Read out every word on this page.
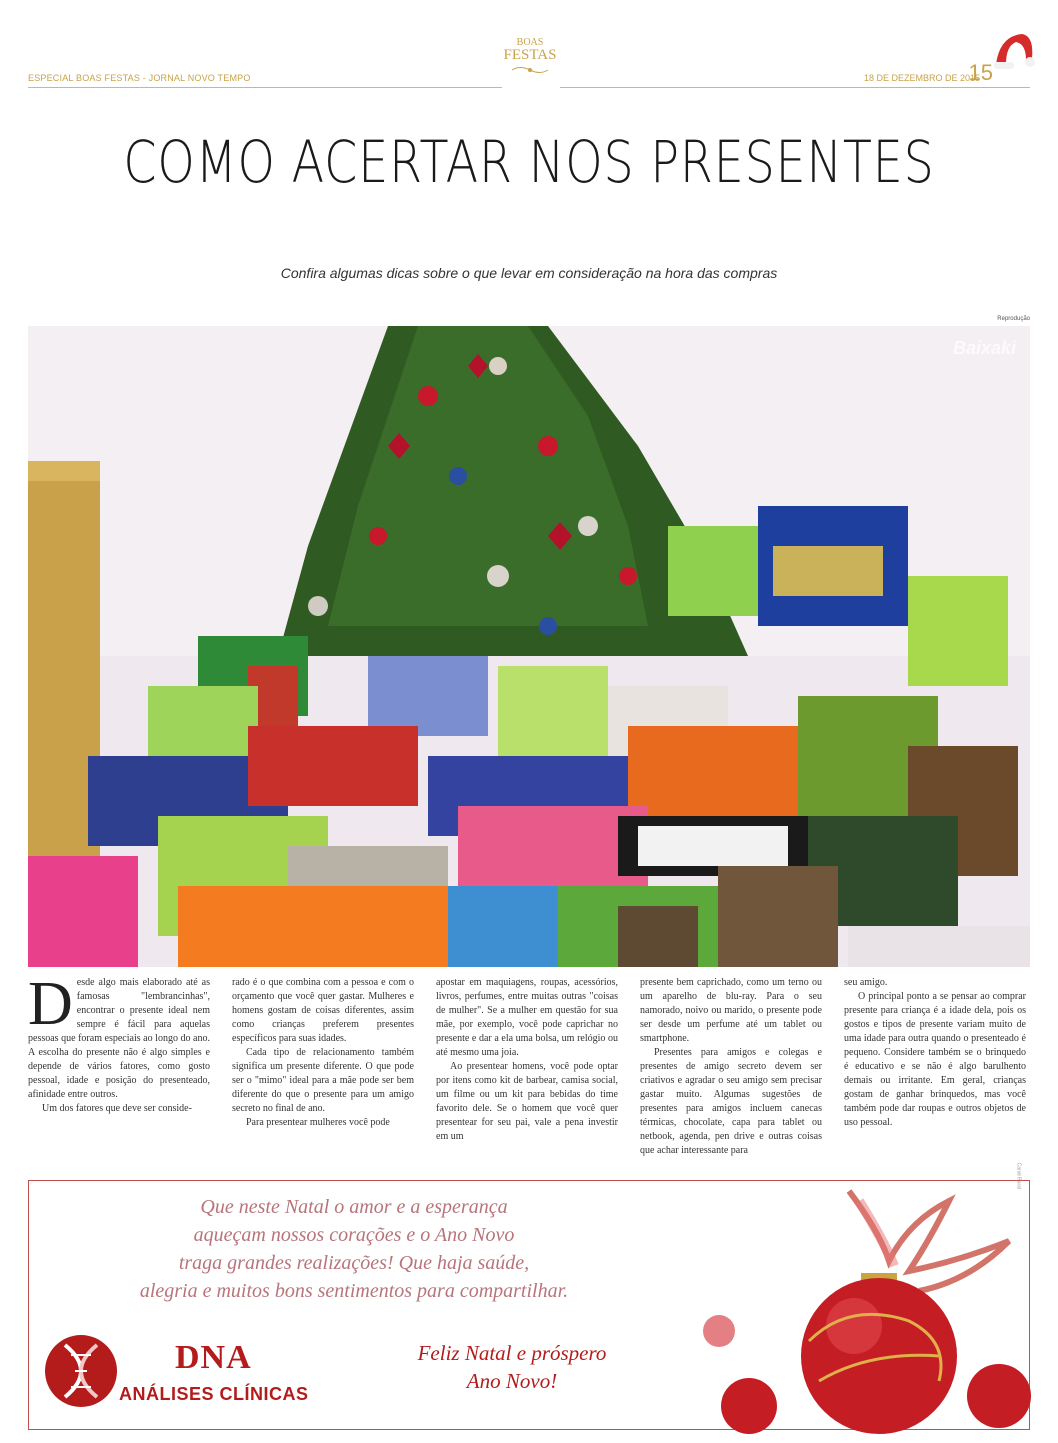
ESPECIAL BOAS FESTAS - JORNAL NOVO TEMPO
BOAS
FESTAS
18 DE DEZEMBRO DE 2015
15
COMO ACERTAR NOS PRESENTES
Confira algumas dicas sobre o que levar em consideração na hora das compras
Reprodução
Baixaki
D esde algo mais elaborado até as famosas "lembrancinhas", encontrar o presente ideal nem sempre é fácil para aquelas pessoas que foram especiais ao longo do ano. A escolha do presente não é algo simples e depende de vários fatores, como gosto pessoal, idade e posição do presenteado, afinidade entre outros.

Um dos fatores que deve ser conside-

rado é o que combina com a pessoa e com o orçamento que você quer gastar. Mulheres e homens gostam de coisas diferentes, assim como crianças preferem presentes específicos para suas idades.

Cada tipo de relacionamento também significa um presente diferente. O que pode ser o "mimo" ideal para a mãe pode ser bem diferente do que o presente para um amigo secreto no final de ano.

Para presentear mulheres você pode

apostar em maquiagens, roupas, acessórios, livros, perfumes, entre muitas outras "coisas de mulher". Se a mulher em questão for sua mãe, por exemplo, você pode caprichar no presente e dar a ela uma bolsa, um relógio ou até mesmo uma joia.

Ao presentear homens, você pode optar por itens como kit de barbear, camisa social, um filme ou um kit para bebidas do time favorito dele. Se o homem que você quer presentear for seu pai, vale a pena investir em um

presente bem caprichado, como um terno ou um aparelho de blu-ray. Para o seu namorado, noivo ou marido, o presente pode ser desde um perfume até um tablet ou smartphone.

Presentes para amigos e colegas e presentes de amigo secreto devem ser criativos e agradar o seu amigo sem precisar gastar muito. Algumas sugestões de presentes para amigos incluem canecas térmicas, chocolate, capa para tablet ou netbook, agenda, pen drive e outras coisas que achar interessante para

seu amigo.

O principal ponto a se pensar ao comprar presente para criança é a idade dela, pois os gostos e tipos de presente variam muito de uma idade para outra quando o presenteado é pequeno. Considere também se o brinquedo é educativo e se não é algo barulhento demais ou irritante. Em geral, crianças gostam de ganhar brinquedos, mas você também pode dar roupas e outros objetos de uso pessoal.

Canal Rural
Que neste Natal o amor e a esperança
aqueçam nossos corações e o Ano Novo
traga grandes realizações! Que haja saúde,
alegria e muitos bons sentimentos para compartilhar.
DNA
ANÁLISES CLÍNICAS
Feliz Natal e próspero
Ano Novo!
